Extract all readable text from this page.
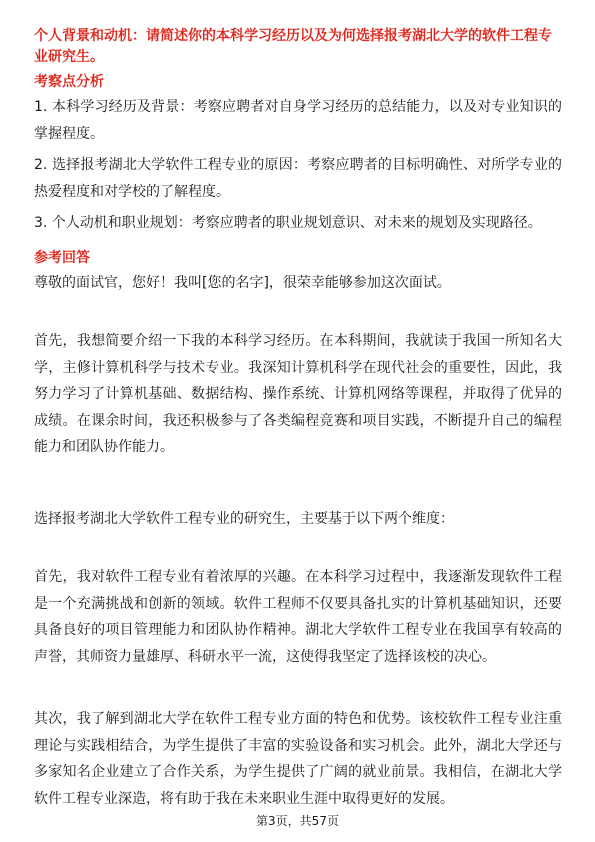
个人背景和动机：请简述你的本科学习经历以及为何选择报考湖北大学的软件工程专业研究生。
考察点分析

1. 本科学习经历及背景：考察应聘者对自身学习经历的总结能力，以及对专业知识的掌握程度。

2. 选择报考湖北大学软件工程专业的原因：考察应聘者的目标明确性、对所学专业的热爱程度和对学校的了解程度。

3. 个人动机和职业规划：考察应聘者的职业规划意识、对未来的规划及实现路径。

参考回答

尊敬的面试官，您好！我叫[您的名字]，很荣幸能够参加这次面试。

首先，我想简要介绍一下我的本科学习经历。在本科期间，我就读于我国一所知名大学，主修计算机科学与技术专业。我深知计算机科学在现代社会的重要性，因此，我努力学习了计算机基础、数据结构、操作系统、计算机网络等课程，并取得了优异的成绩。在课余时间，我还积极参与了各类编程竞赛和项目实践，不断提升自己的编程能力和团队协作能力。

选择报考湖北大学软件工程专业的研究生，主要基于以下两个维度：

首先，我对软件工程专业有着浓厚的兴趣。在本科学习过程中，我逐渐发现软件工程是一个充满挑战和创新的领域。软件工程师不仅要具备扎实的计算机基础知识，还要具备良好的项目管理能力和团队协作精神。湖北大学软件工程专业在我国享有较高的声誉，其师资力量雄厚、科研水平一流，这使得我坚定了选择该校的决心。

其次，我了解到湖北大学在软件工程专业方面的特色和优势。该校软件工程专业注重理论与实践相结合，为学生提供了丰富的实验设备和实习机会。此外，湖北大学还与多家知名企业建立了合作关系，为学生提供了广阔的就业前景。我相信，在湖北大学软件工程专业深造，将有助于我在未来职业生涯中取得更好的发展。

第3页，共57页
